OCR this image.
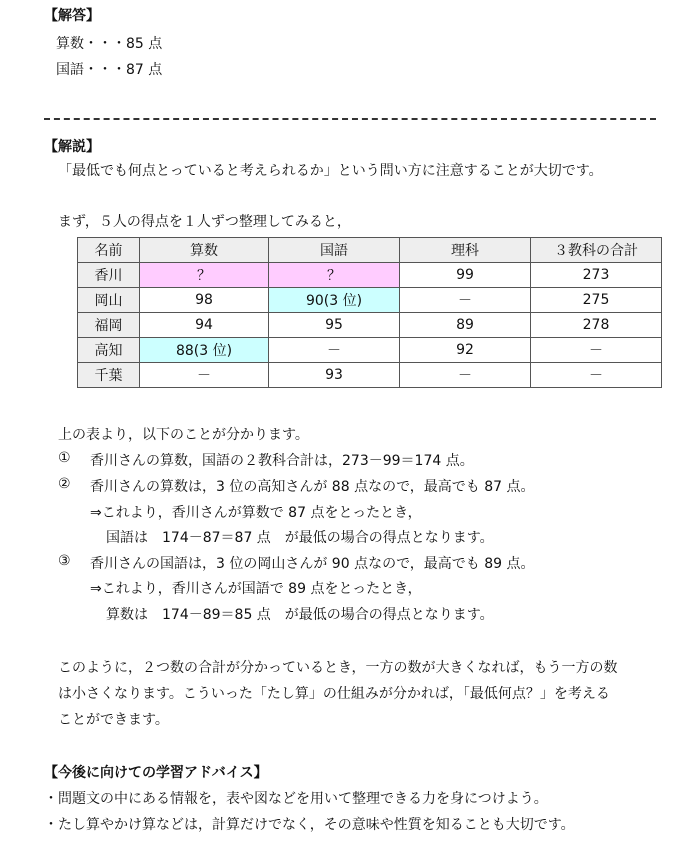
【解答】
算数・・・85 点
国語・・・87 点
【解説】
「最低でも何点とっていると考えられるか」という問い方に注意することが大切です。
まず，５人の得点を１人ずつ整理してみると，
名前	算数	国語	理科	３教科の合計
香川	？	？	99	273
岡山	98	90(3 位)	－	275
福岡	94	95	89	278
高知	88(3 位)	－	92	－
千葉	－	93	－	－
上の表より，以下のことが分かります。
① 香川さんの算数，国語の２教科合計は，273－99＝174 点。
② 香川さんの算数は，3 位の高知さんが 88 点なので，最高でも 87 点。
⇒これより，香川さんが算数で 87 点をとったとき，
国語は　174－87＝87 点　が最低の場合の得点となります。
③ 香川さんの国語は，3 位の岡山さんが 90 点なので，最高でも 89 点。
⇒これより，香川さんが国語で 89 点をとったとき，
算数は　174－89＝85 点　が最低の場合の得点となります。
このように，２つ数の合計が分かっているとき，一方の数が大きくなれば，もう一方の数
は小さくなります。こういった「たし算」の仕組みが分かれば，「最低何点？」を考える
ことができます。
【今後に向けての学習アドバイス】
・問題文の中にある情報を，表や図などを用いて整理できる力を身につけよう。
・たし算やかけ算などは，計算だけでなく，その意味や性質を知ることも大切です。
